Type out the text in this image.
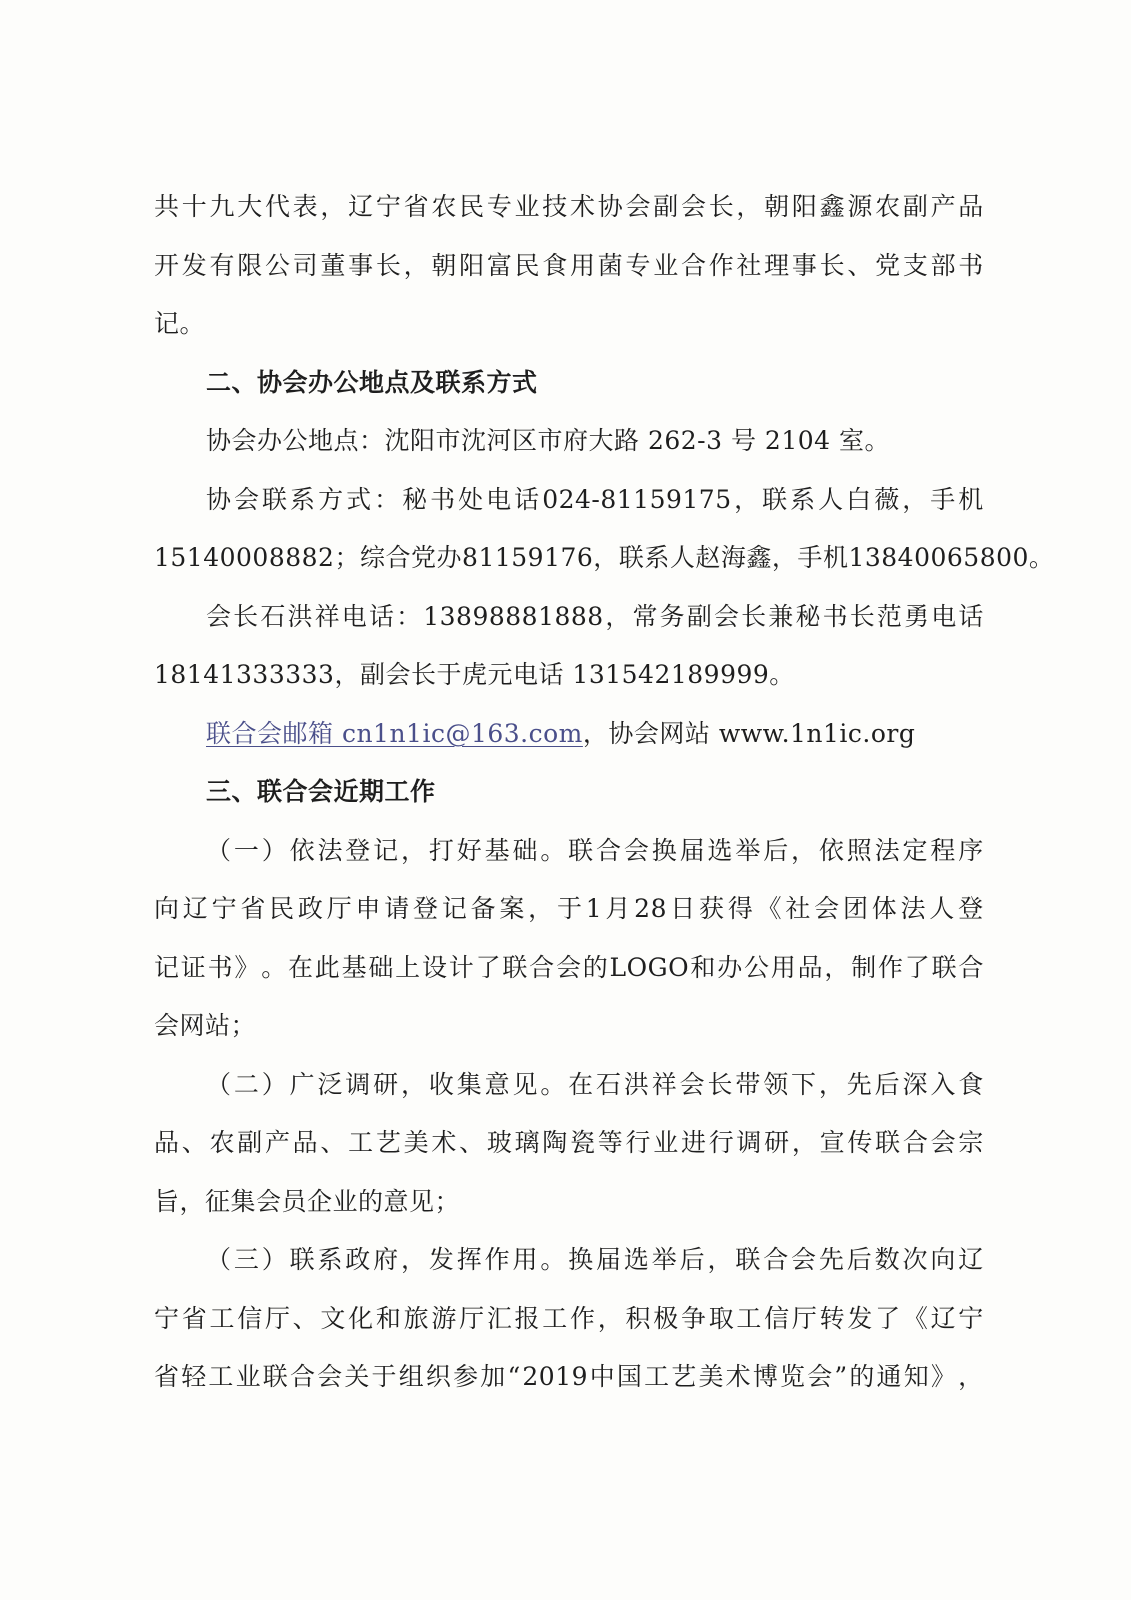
共 十 九 大 代 表 ， 辽 宁 省 农 民 专 业 技 术 协 会 副 会 长 ， 朝 阳 鑫 源 农 副 产 品
开 发 有 限 公 司 董 事 长 ， 朝 阳 富 民 食 用 菌 专 业 合 作 社 理 事 长 、 党 支 部 书
记。
二、协会办公地点及联系方式
协会办公地点：沈阳市沈河区市府大路 262-3 号 2104 室。
协 会 联 系 方 式 ： 秘 书 处 电 话 024-81159175 ， 联 系 人 白 薇 ， 手 机
15140008882 ； 综 合 党 办 81159176 ， 联 系 人 赵 海 鑫 ， 手 机 13840065800 。
会 长 石 洪 祥 电 话 ： 13898881888 ， 常 务 副 会 长 兼 秘 书 长 范 勇 电 话
18141333333，副会长于虎元电话 131542189999。
联合会邮箱 cn1n1ic@163.com，协会网站 www.1n1ic.org
三、联合会近期工作
（ 一 ） 依 法 登 记 ， 打 好 基 础 。 联 合 会 换 届 选 举 后 ， 依 照 法 定 程 序
向 辽 宁 省 民 政 厅 申 请 登 记 备 案 ， 于 1 月 28 日 获 得 《 社 会 团 体 法 人 登
记 证 书 》 。 在 此 基 础 上 设 计 了 联 合 会 的 LOGO 和 办 公 用 品 ， 制 作 了 联 合
会网站；
（ 二 ） 广 泛 调 研 ， 收 集 意 见 。 在 石 洪 祥 会 长 带 领 下 ， 先 后 深 入 食
品 、 农 副 产 品 、 工 艺 美 术 、 玻 璃 陶 瓷 等 行 业 进 行 调 研 ， 宣 传 联 合 会 宗
旨，征集会员企业的意见；
（ 三 ） 联 系 政 府 ， 发 挥 作 用 。 换 届 选 举 后 ， 联 合 会 先 后 数 次 向 辽
宁 省 工 信 厅 、 文 化 和 旅 游 厅 汇 报 工 作 ， 积 极 争 取 工 信 厅 转 发 了 《 辽 宁
省 轻 工 业 联 合 会 关 于 组 织 参 加 “ 2019 中 国 工 艺 美 术 博 览 会 ” 的 通 知 》 ，
